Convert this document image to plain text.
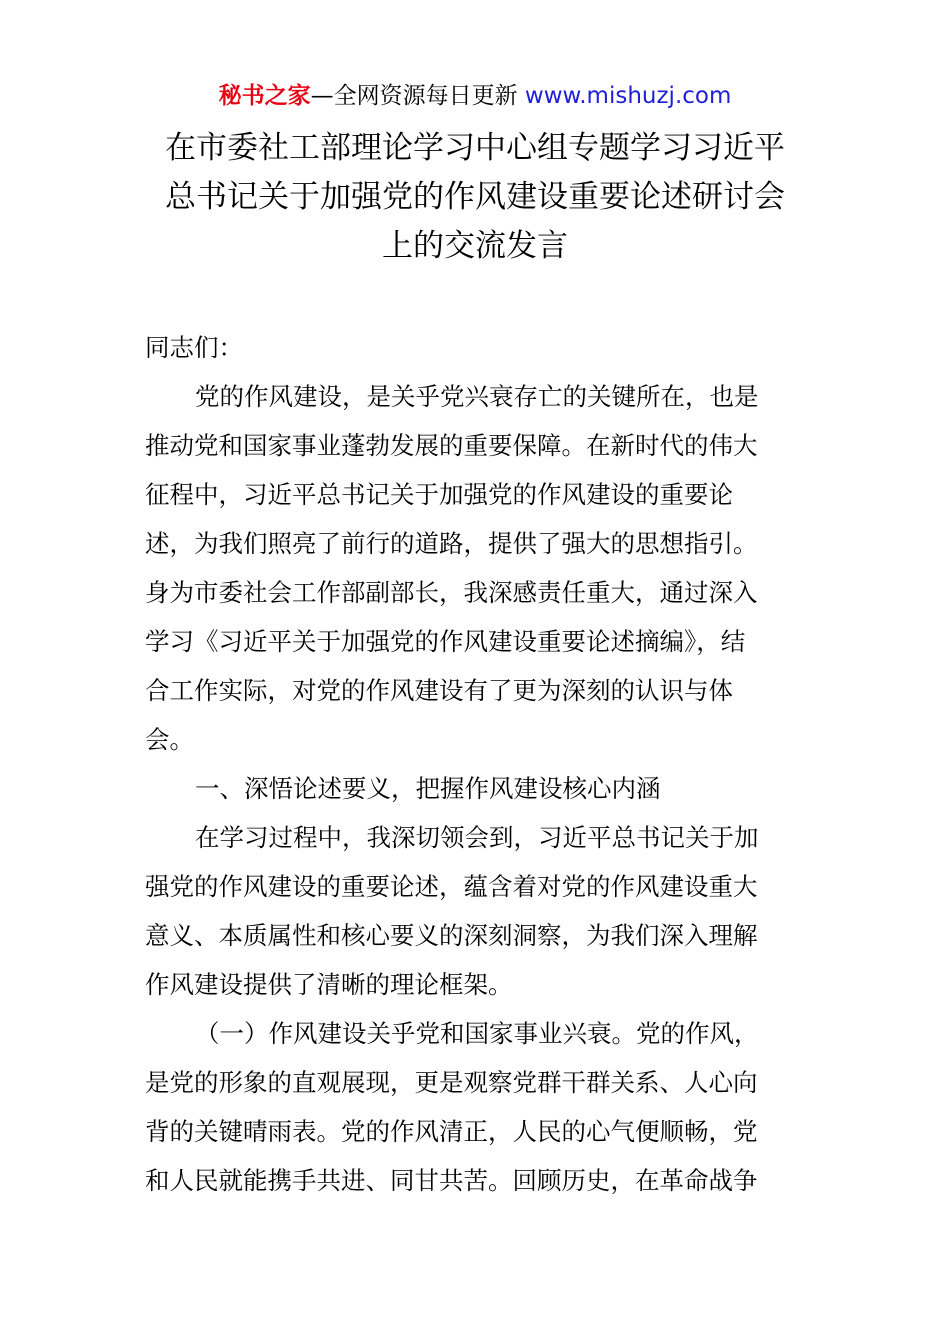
秘书之家—全网资源每日更新 www.mishuzj.com
在市委社工部理论学习中心组专题学习习近平
总书记关于加强党的作风建设重要论述研讨会
上的交流发言
同志们：
党的作风建设，是关乎党兴衰存亡的关键所在，也是
推动党和国家事业蓬勃发展的重要保障。在新时代的伟大
征程中，习近平总书记关于加强党的作风建设的重要论
述，为我们照亮了前行的道路，提供了强大的思想指引。
身为市委社会工作部副部长，我深感责任重大，通过深入
学习《习近平关于加强党的作风建设重要论述摘编》，结
合工作实际，对党的作风建设有了更为深刻的认识与体
会。
一、深悟论述要义，把握作风建设核心内涵
在学习过程中，我深切领会到，习近平总书记关于加
强党的作风建设的重要论述，蕴含着对党的作风建设重大
意义、本质属性和核心要义的深刻洞察，为我们深入理解
作风建设提供了清晰的理论框架。
（一）作风建设关乎党和国家事业兴衰。党的作风，
是党的形象的直观展现，更是观察党群干群关系、人心向
背的关键晴雨表。党的作风清正，人民的心气便顺畅，党
和人民就能携手共进、同甘共苦。回顾历史，在革命战争
